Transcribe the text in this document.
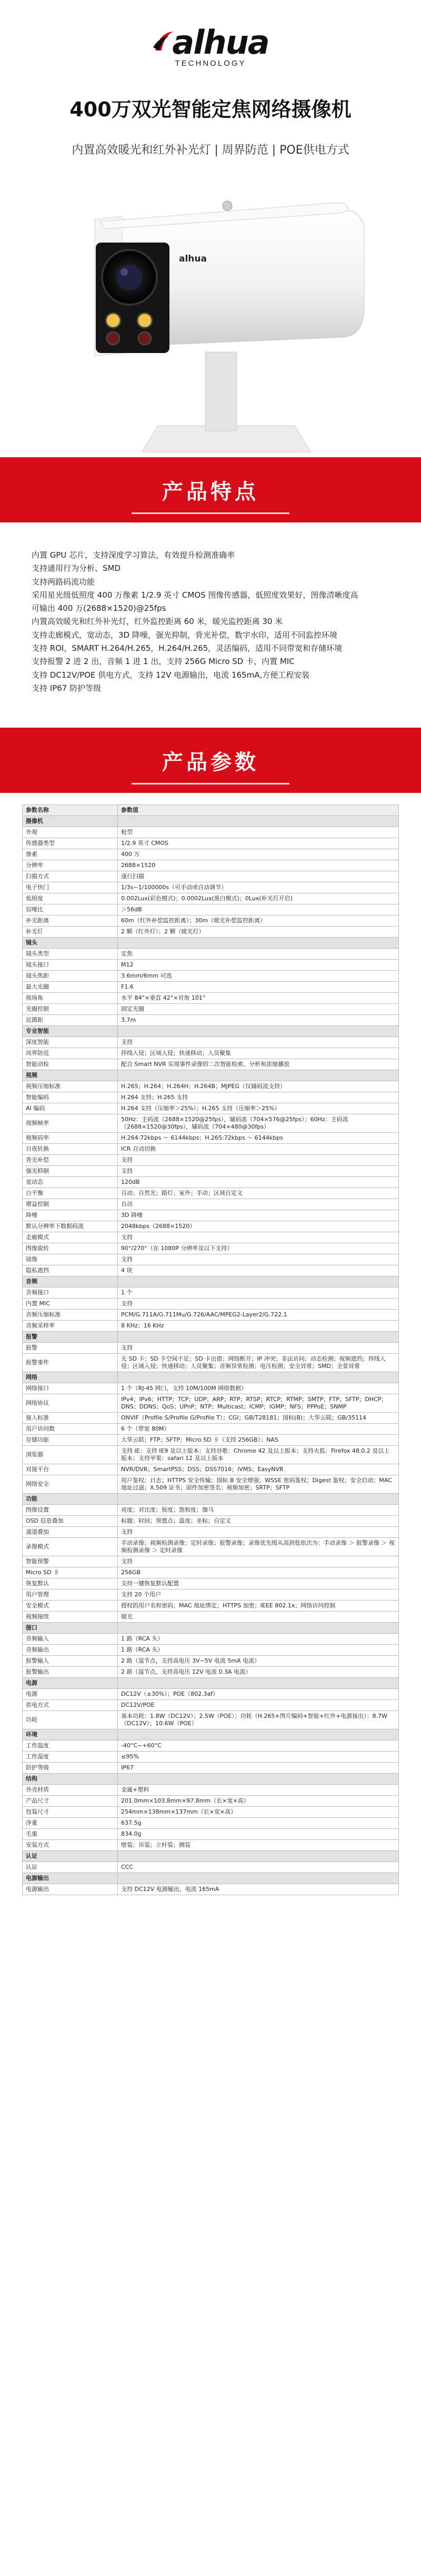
alhua
TECHNOLOGY
400万双光智能定焦网络摄像机
内置高效暖光和红外补光灯 | 周界防范 | POE供电方式
alhua
产品特点
内置 GPU 芯片，支持深度学习算法，有效提升检测准确率
支持通用行为分析、SMD
支持两路码流功能
采用星光级低照度 400 万像素 1/2.9 英寸 CMOS 图像传感器，低照度效果好，图像清晰度高
可输出 400 万(2688×1520)@25fps
内置高效暖光和红外补光灯，红外监控距离 60 米，暖光监控距离 30 米
支持走廊模式，宽动态，3D 降噪，强光抑制，背光补偿，数字水印，适用不同监控环境
支持 ROI，SMART H.264/H.265，H.264/H.265，灵活编码，适用不同带宽和存储环境
支持报警 2 进 2 出，音频 1 进 1 出，支持 256G Micro SD 卡，内置 MIC
支持 DC12V/POE 供电方式，支持 12V 电源输出，电流 165mA,方便工程安装
支持 IP67 防护等级
产品参数
参数名称	参数值
摄像机	
外观	枪型
传感器类型	1/2.9 英寸 CMOS
像素	400 万
分辨率	2688×1520
扫描方式	逐行扫描
电子快门	1/3s~1/100000s（可手动或自动调节）
低照度	0.002Lux(彩色模式)；0.0002Lux(黑白模式)；0Lux(补光灯开启)
信噪比	＞56dB
补光距离	60m（红外补偿监控距离）；30m（暖光补偿监控距离）
补光灯	2 颗（红外灯）；2 颗（暖光灯）
镜头	
镜头类型	定焦
镜头接口	M12
镜头焦距	3.6mm/6mm 可选
最大光圈	F1.6
视场角	水平 84°×垂直 42°×对角 101°
光圈控制	固定光圈
近摄距	3.7m
专业智能	
深度智能	支持
周界防范	拌线入侵；区域入侵；快速移动；人员聚集
智能动检	配合 Smart NVR 实现事件录像的二次智能检索、分析和浓缩播放
视频	
视频压缩标准	H.265；H.264；H.264H；H.264B；MJPEG（仅辅码流支持）
智能编码	H.264 支持；H.265 支持
AI 编码	H.264 支持（压缩率＞25%）；H.265 支持（压缩率＞25%）
视频帧率	50Hz：主码流（2688×1520@25fps），辅码流（704×576@25fps）；60Hz：主码流（2688×1520@30fps），辅码流（704×480@30fps）
视频码率	H.264:72kbps ～ 6144kbps；H.265:72kbps ～ 6144kbps
日夜转换	ICR 自动切换
背光补偿	支持
强光抑制	支持
宽动态	120dB
白平衡	自动；自然光；路灯；室外；手动；区域自定义
增益控制	自动
降噪	3D 降噪
默认分辨率下数据码流	2048kbps（2688×1520）
走廊模式	支持
图像旋转	90°/270°（在 1080P 分辨率及以下支持）
镜像	支持
隐私遮挡	4 块
音频	
音频接口	1 个
内置 MIC	支持
音频压缩标准	PCM/G.711A/G.711Mu/G.726/AAC/MPEG2-Layer2/G.722.1
音频采样率	8 KHz；16 KHz
报警	
报警	支持
报警事件	无 SD 卡；SD 卡空间不足；SD 卡出错；网络断开；IP 冲突；非法访问；动态检测；视频遮挡；拌线入侵；区域入侵；快速移动；人员聚集；音频异常检测；电压检测；安全异常；SMD；全景异常
网络	
网络接口	1 个（RJ-45 网口，支持 10M/100M 网络数据）
网络协议	IPv4；IPv6；HTTP；TCP；UDP；ARP；RTP；RTSP；RTCP；RTMP；SMTP；FTP；SFTP；DHCP；DNS；DDNS；QoS；UPnP；NTP；Multicast；ICMP；IGMP；NFS；PPPoE；SNMP
接入标准	ONVIF（Profile S/Profile G/Profile T）；CGI；GB/T28181；国标(B)；大华云联；GB/35114
用户访问数	6 个（带宽 80M）
存储功能	大华云联；FTP；SFTP；Micro SD 卡（支持 256GB）；NAS
浏览器	支持 IE：支持 IE9 及以上版本；支持谷歌：Chrome 42 及以上版本；支持火狐：Firefox 48.0.2 及以上版本；支持苹果：safari 12 及以上版本
对接平台	NVR/DVR；SmartPSS；DSS；DSS7016；iVMS；EasyNVR
网络安全	用户鉴权；日志；HTTPS 安全传输；国标 B 安全增强；WSSE 密码鉴权；Digest 鉴权；安全启动；MAC 地址过滤；X.509 证书；固件加密签名；视频加密；SRTP；SFTP
功能	
图像设置	亮度；对比度；锐度；饱和度；伽马
OSD 信息叠加	标题；时间；预置点；温度；坐标；自定义
通道叠加	支持
录像模式	手动录像；视频检测录像；定时录像；报警录像；录像优先级从高到低依次为：手动录像 ＞ 报警录像 ＞ 视频检测录像 ＞ 定时录像
智能预警	支持
Micro SD 卡	256GB
恢复默认	支持一键恢复默认配置
用户管理	支持 20 个用户
安全模式	授权的用户名和密码；MAC 地址绑定；HTTPS 加密；IEEE 802.1x；网络访问控制
视频接续	暖光
接口	
音频输入	1 路（RCA 头）
音频输出	1 路（RCA 头）
报警输入	2 路（湿节点，支持高电压 3V~5V 电流 5mA 电流）
报警输出	2 路（湿节点，支持高电压 12V 电流 0.3A 电流）
电源	
电源	DC12V（±30%）；POE（802.3af）
供电方式	DC12V/POE
功耗	基本功耗：1.8W（DC12V）；2.5W（POE）；功耗（H.265+图片编码+智能+红外+电源接出）：8.7W（DC12V）；10.6W（POE）
环境	
工作温度	-40°C~+60°C
工作湿度	≤95%
防护等级	IP67
结构	
外壳材质	金属+塑料
产品尺寸	201.0mm×103.8mm×97.8mm（长×宽×高）
包装尺寸	254mm×138mm×137mm（长×宽×高）
净重	637.5g
毛重	834.0g
安装方式	壁装；吊装；立杆装；侧装
认证	
认证	CCC
电源输出	
电源输出	支持 DC12V 电源输出，电流 165mA
